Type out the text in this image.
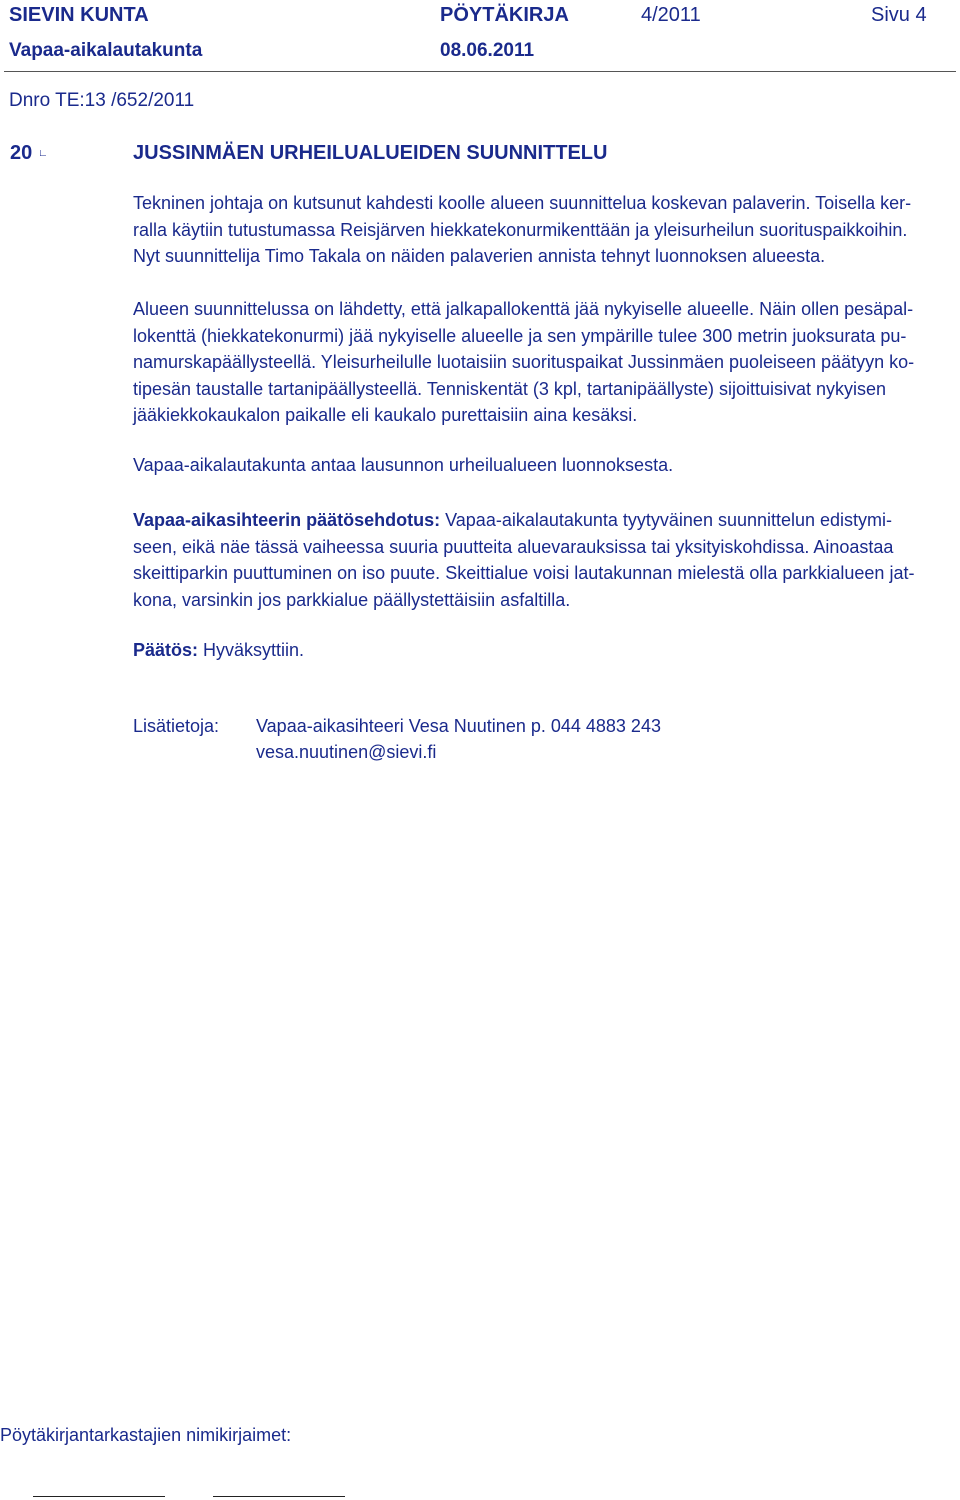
SIEVIN KUNTA	PÖYTÄKIRJA	4/2011	Sivu 4
Vapaa-aikalautakunta	08.06.2011
Dnro TE:13 /652/2011
20	JUSSINMÄEN URHEILUALUEIDEN SUUNNITTELU

Tekninen johtaja on kutsunut kahdesti koolle alueen suunnittelua koskevan palaverin. Toisella ker-
ralla käytiin tutustumassa Reisjärven hiekkatekonurmikenttään ja yleisurheilun suorituspaikkoihin.
Nyt suunnittelija Timo Takala on näiden palaverien annista tehnyt luonnoksen alueesta.

Alueen suunnittelussa on lähdetty, että jalkapallokenttä jää nykyiselle alueelle. Näin ollen pesäpal-
lokenttä (hiekkatekonurmi) jää nykyiselle alueelle ja sen ympärille tulee 300 metrin juoksurata pu-
namurskapäällysteellä. Yleisurheilulle luotaisiin suorituspaikat Jussinmäen puoleiseen päätyyn ko-
tipesän taustalle tartanipäällysteellä. Tenniskentät (3 kpl, tartanipäällyste) sijoittuisivat nykyisen
jääkiekkokaukalon paikalle eli kaukalo purettaisiin aina kesäksi.

Vapaa-aikalautakunta antaa lausunnon urheilualueen luonnoksesta.

Vapaa-aikasihteerin päätösehdotus: Vapaa-aikalautakunta tyytyväinen suunnittelun edistymi-
seen, eikä näe tässä vaiheessa suuria puutteita aluevarauksissa tai yksityiskohdissa. Ainoastaa
skeittiparkin puuttuminen on iso puute. Skeittialue voisi lautakunnan mielestä olla parkkialueen jat-
kona, varsinkin jos parkkialue päällystettäisiin asfaltilla.

Päätös: Hyväksyttiin.

Lisätietoja: Vapaa-aikasihteeri Vesa Nuutinen p. 044 4883 243
vesa.nuutinen@sievi.fi
Pöytäkirjantarkastajien nimikirjaimet:
